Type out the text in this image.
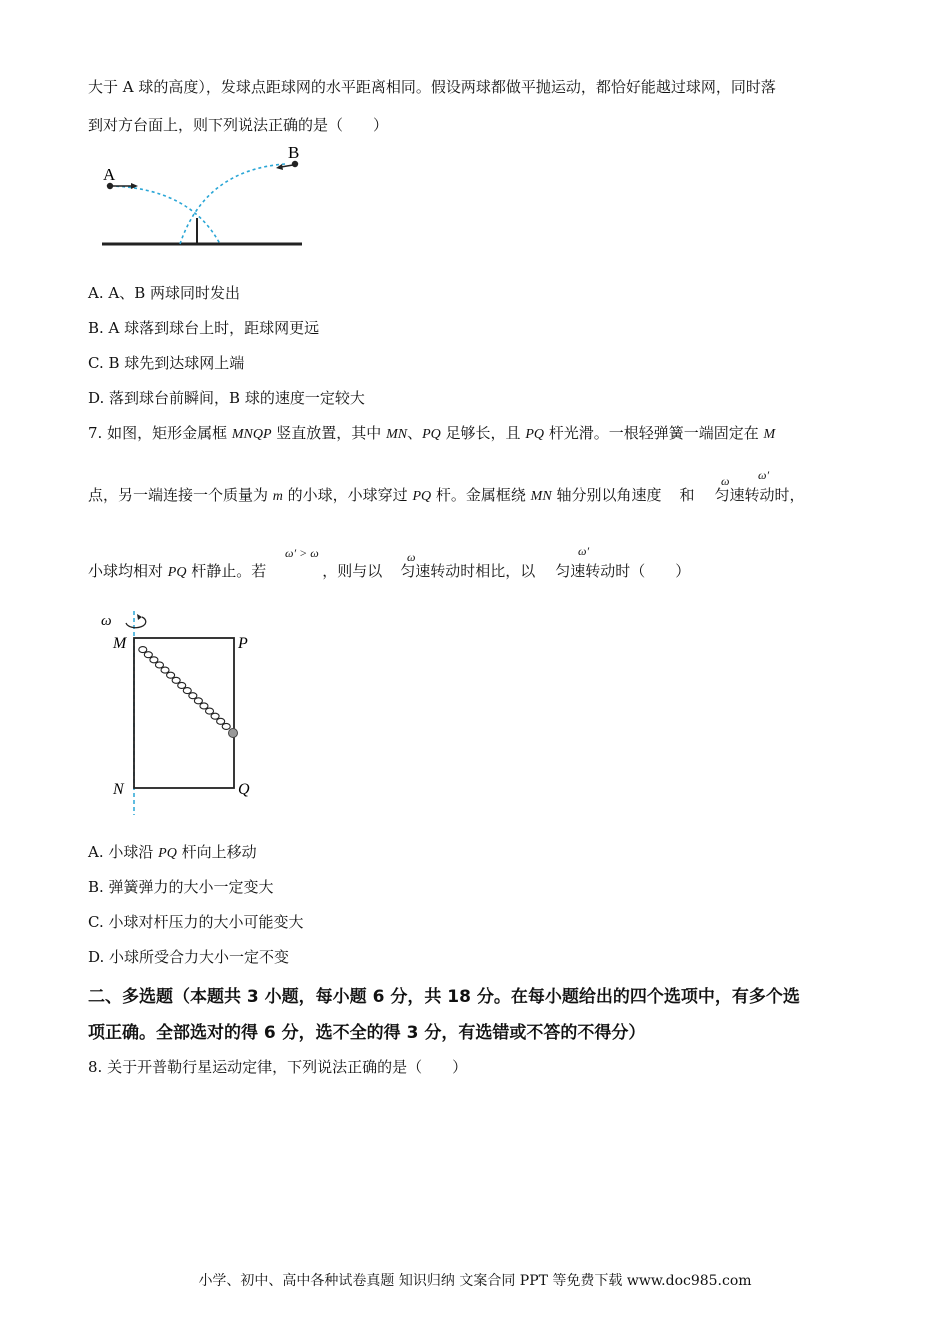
大于 A 球的高度），发球点距球网的水平距离相同。假设两球都做平抛运动，都恰好能越过球网，同时落
到对方台面上，则下列说法正确的是（　　）
A
B
A. A、B 两球同时发出
B. A 球落到球台上时，距球网更远
C. B 球先到达球网上端
D. 落到球台前瞬间，B 球的速度一定较大
7. 如图，矩形金属框 MNQP 竖直放置，其中 MN、PQ 足够长，且 PQ 杆光滑。一根轻弹簧一端固定在 M
点，另一端连接一个质量为 m 的小球，小球穿过 PQ 杆。金属框绕 MN 轴分别以角速度 和 匀速转动时，
ω ω′
小球均相对 PQ 杆静止。若	，则与以 匀速转动时相比，以 匀速转动时（　　）
ω′ > ω	ω	ω′
ω
M	P
N	Q
A. 小球沿 PQ 杆向上移动
B. 弹簧弹力的大小一定变大
C. 小球对杆压力的大小可能变大
D. 小球所受合力大小一定不变
二、多选题（本题共 3 小题，每小题 6 分，共 18 分。在每小题给出的四个选项中，有多个选
项正确。全部选对的得 6 分，选不全的得 3 分，有选错或不答的不得分）
8. 关于开普勒行星运动定律，下列说法正确的是（　　）
小学、初中、高中各种试卷真题 知识归纳 文案合同 PPT 等免费下载 www.doc985.com
